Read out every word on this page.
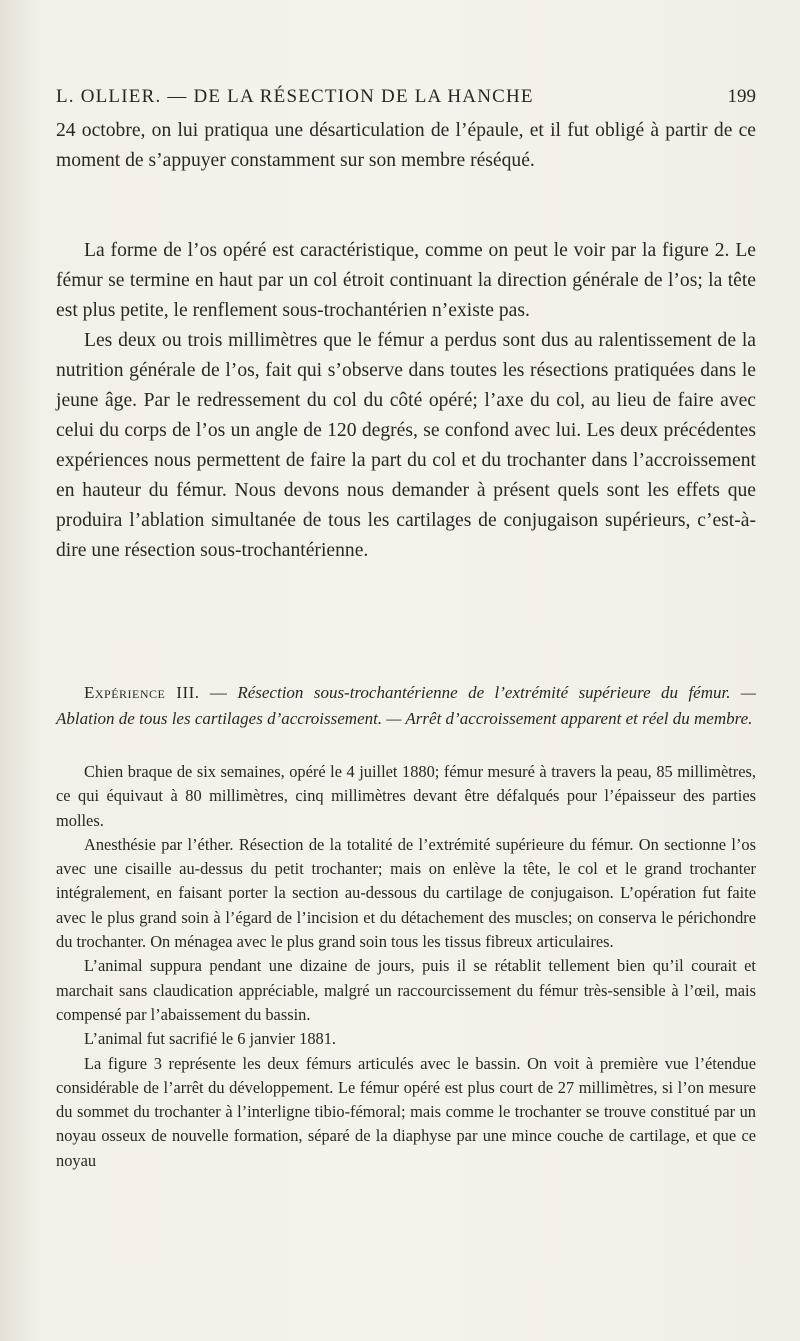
L. OLLIER. — DE LA RÉSECTION DE LA HANCHE	199

24 octobre, on lui pratiqua une désarticulation de l’épaule, et il fut obligé à partir de ce moment de s’appuyer constamment sur son membre réséqué.

La forme de l’os opéré est caractéristique, comme on peut le voir par la figure 2. Le fémur se termine en haut par un col étroit continuant la direction générale de l’os; la tête est plus petite, le renflement sous-trochantérien n’existe pas.

Les deux ou trois millimètres que le fémur a perdus sont dus au ralentissement de la nutrition générale de l’os, fait qui s’observe dans toutes les résections pratiquées dans le jeune âge. Par le redressement du col du côté opéré; l’axe du col, au lieu de faire avec celui du corps de l’os un angle de 120 degrés, se confond avec lui. Les deux précédentes expériences nous permettent de faire la part du col et du trochanter dans l’accroissement en hauteur du fémur. Nous devons nous demander à présent quels sont les effets que produira l’ablation simultanée de tous les cartilages de conjugaison supérieurs, c’est-à-dire une résection sous-trochantérienne.

Expérience III. — Résection sous-trochantérienne de l’extrémité supérieure du fémur. — Ablation de tous les cartilages d’accroissement. — Arrêt d’accroissement apparent et réel du membre.

Chien braque de six semaines, opéré le 4 juillet 1880; fémur mesuré à travers la peau, 85 millimètres, ce qui équivaut à 80 millimètres, cinq millimètres devant être défalqués pour l’épaisseur des parties molles.

Anesthésie par l’éther. Résection de la totalité de l’extrémité supérieure du fémur. On sectionne l’os avec une cisaille au-dessus du petit trochanter; mais on enlève la tête, le col et le grand trochanter intégralement, en faisant porter la section au-dessous du cartilage de conjugaison. L’opération fut faite avec le plus grand soin à l’égard de l’incision et du détachement des muscles; on conserva le périchondre du trochanter. On ménagea avec le plus grand soin tous les tissus fibreux articulaires.

L’animal suppura pendant une dizaine de jours, puis il se rétablit tellement bien qu’il courait et marchait sans claudication appréciable, malgré un raccourcissement du fémur très-sensible à l’œil, mais compensé par l’abaissement du bassin.

L’animal fut sacrifié le 6 janvier 1881.

La figure 3 représente les deux fémurs articulés avec le bassin. On voit à première vue l’étendue considérable de l’arrêt du développement. Le fémur opéré est plus court de 27 millimètres, si l’on mesure du sommet du trochanter à l’interligne tibio-fémoral; mais comme le trochanter se trouve constitué par un noyau osseux de nouvelle formation, séparé de la diaphyse par une mince couche de cartilage, et que ce noyau
